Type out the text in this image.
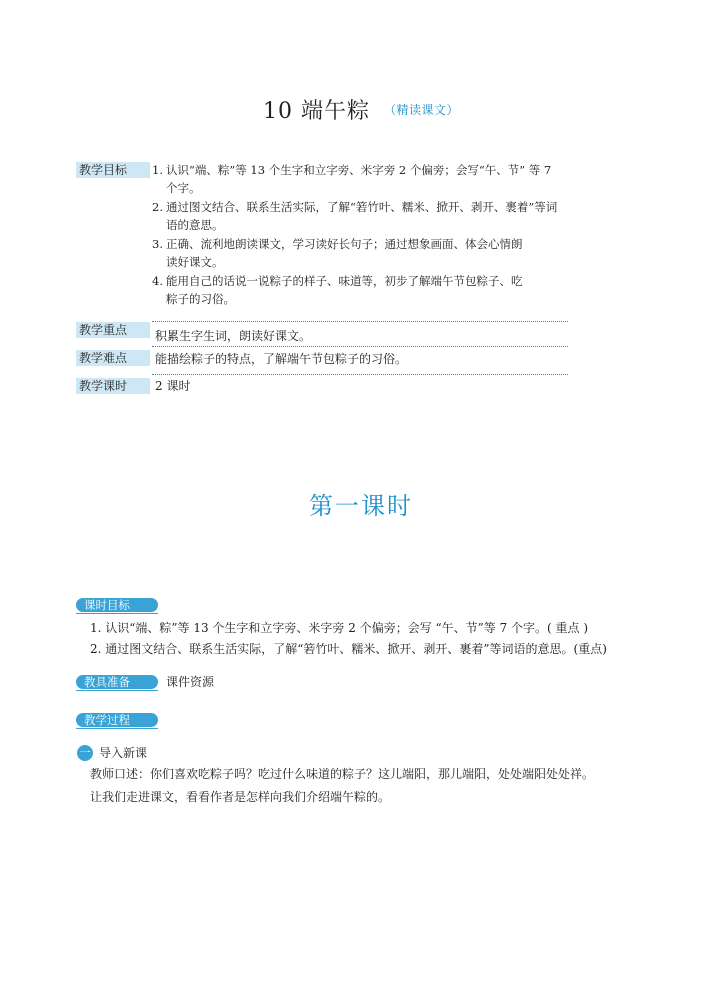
10 端午粽 （精读课文）
教学目标	1. 认识“端、粽”等 13 个生字和立字旁、米字旁 2 个偏旁；会写“午、节” 等 7
个字。
2. 通过图文结合、联系生活实际，了解“箬竹叶、糯米、掀开、剥开、裹着”等词
语的意思。
3. 正确、流利地朗读课文，学习读好长句子；通过想象画面、体会心情朗
读好课文。
4. 能用自己的话说一说粽子的样子、味道等，初步了解端午节包粽子、吃
粽子的习俗。
教学重点	积累生字生词，朗读好课文。
教学难点	能描绘粽子的特点，了解端午节包粽子的习俗。
教学课时	2 课时
第一课时
课时目标
1. 认识“端、粽”等 13 个生字和立字旁、米字旁 2 个偏旁；会写 “午、节”等 7 个字。( 重点 )
2. 通过图文结合、联系生活实际，了解“箬竹叶、糯米、掀开、剥开、裹着”等词语的意思。(重点)
教具准备	课件资源
教学过程
一 导入新课
教师口述：你们喜欢吃粽子吗？吃过什么味道的粽子？这儿端阳，那儿端阳，处处端阳处处祥。
让我们走进课文，看看作者是怎样向我们介绍端午粽的。
